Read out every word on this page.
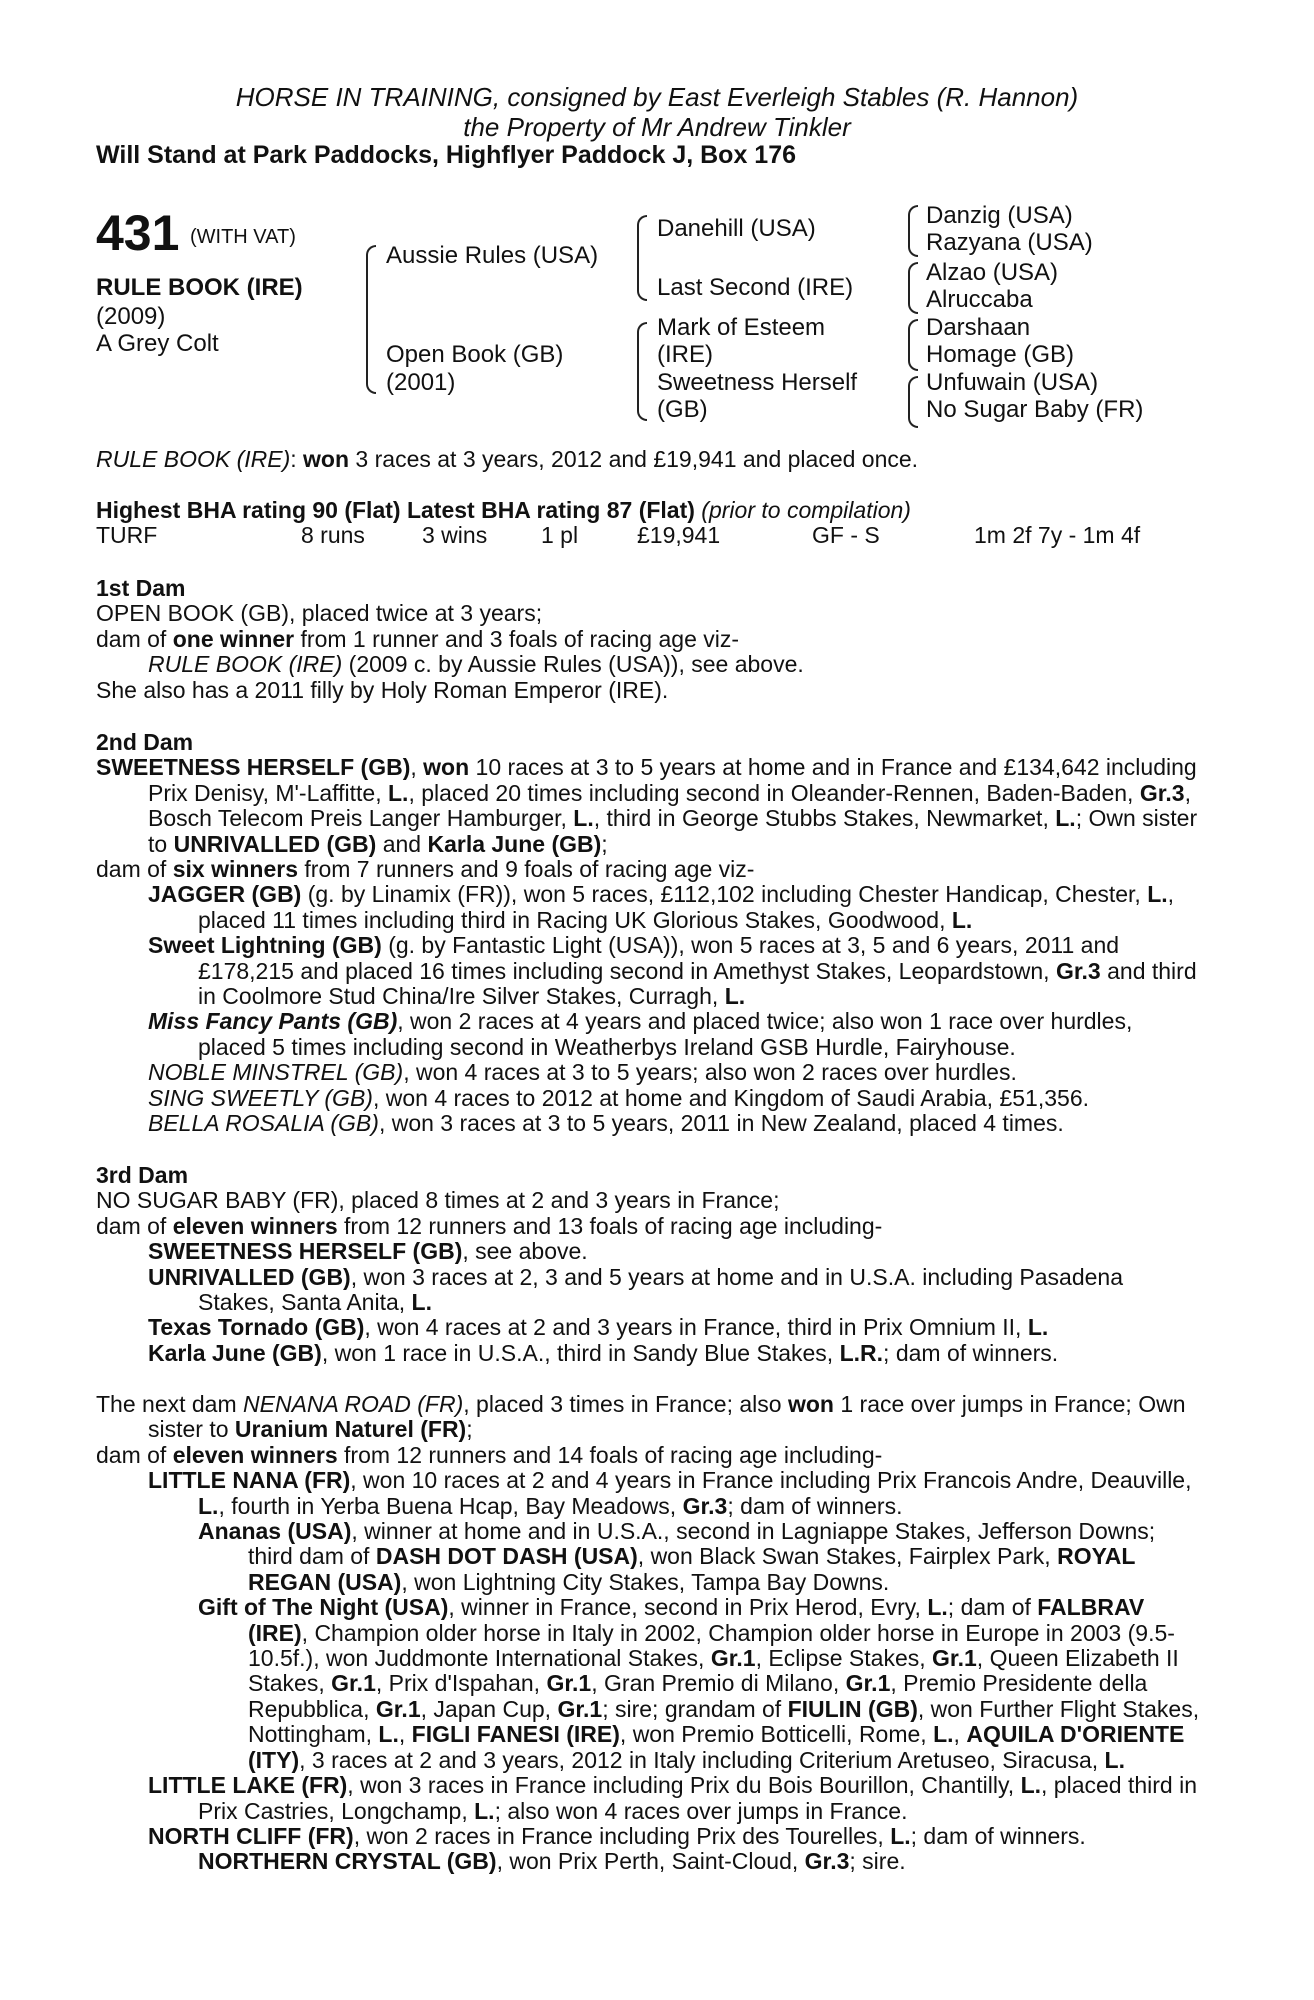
HORSE IN TRAINING, consigned by East Everleigh Stables (R. Hannon)
the Property of Mr Andrew Tinkler
Will Stand at Park Paddocks, Highflyer Paddock J, Box 176
431 (WITH VAT)
RULE BOOK (IRE)
(2009)
A Grey Colt
Aussie Rules (USA)
Open Book (GB)
(2001)
Danehill (USA)
Last Second (IRE)
Mark of Esteem
(IRE)
Sweetness Herself
(GB)
Danzig (USA)
Razyana (USA)
Alzao (USA)
Alruccaba
Darshaan
Homage (GB)
Unfuwain (USA)
No Sugar Baby (FR)
RULE BOOK (IRE): won 3 races at 3 years, 2012 and £19,941 and placed once.
Highest BHA rating 90 (Flat) Latest BHA rating 87 (Flat) (prior to compilation)
TURF	8 runs 3 wins 1 pl	£19,941	GF - S	1m 2f 7y - 1m 4f
1st Dam
OPEN BOOK (GB), placed twice at 3 years;
dam of one winner from 1 runner and 3 foals of racing age viz-
RULE BOOK (IRE) (2009 c. by Aussie Rules (USA)), see above.
She also has a 2011 filly by Holy Roman Emperor (IRE).
2nd Dam
SWEETNESS HERSELF (GB), won 10 races at 3 to 5 years at home and in France and £134,642 including Prix Denisy, M'-Laffitte, L., placed 20 times including second in Oleander-Rennen, Baden-Baden, Gr.3, Bosch Telecom Preis Langer Hamburger, L., third in George Stubbs Stakes, Newmarket, L.; Own sister to UNRIVALLED (GB) and Karla June (GB);
dam of six winners from 7 runners and 9 foals of racing age viz-
JAGGER (GB) (g. by Linamix (FR)), won 5 races, £112,102 including Chester Handicap, Chester, L., placed 11 times including third in Racing UK Glorious Stakes, Goodwood, L.
Sweet Lightning (GB) (g. by Fantastic Light (USA)), won 5 races at 3, 5 and 6 years, 2011 and £178,215 and placed 16 times including second in Amethyst Stakes, Leopardstown, Gr.3 and third in Coolmore Stud China/Ire Silver Stakes, Curragh, L.
Miss Fancy Pants (GB), won 2 races at 4 years and placed twice; also won 1 race over hurdles, placed 5 times including second in Weatherbys Ireland GSB Hurdle, Fairyhouse.
NOBLE MINSTREL (GB), won 4 races at 3 to 5 years; also won 2 races over hurdles.
SING SWEETLY (GB), won 4 races to 2012 at home and Kingdom of Saudi Arabia, £51,356.
BELLA ROSALIA (GB), won 3 races at 3 to 5 years, 2011 in New Zealand, placed 4 times.
3rd Dam
NO SUGAR BABY (FR), placed 8 times at 2 and 3 years in France;
dam of eleven winners from 12 runners and 13 foals of racing age including-
SWEETNESS HERSELF (GB), see above.
UNRIVALLED (GB), won 3 races at 2, 3 and 5 years at home and in U.S.A. including Pasadena Stakes, Santa Anita, L.
Texas Tornado (GB), won 4 races at 2 and 3 years in France, third in Prix Omnium II, L.
Karla June (GB), won 1 race in U.S.A., third in Sandy Blue Stakes, L.R.; dam of winners.
The next dam NENANA ROAD (FR), placed 3 times in France; also won 1 race over jumps in France; Own sister to Uranium Naturel (FR);
dam of eleven winners from 12 runners and 14 foals of racing age including-
LITTLE NANA (FR), won 10 races at 2 and 4 years in France including Prix Francois Andre, Deauville, L., fourth in Yerba Buena Hcap, Bay Meadows, Gr.3; dam of winners.
Ananas (USA), winner at home and in U.S.A., second in Lagniappe Stakes, Jefferson Downs; third dam of DASH DOT DASH (USA), won Black Swan Stakes, Fairplex Park, ROYAL REGAN (USA), won Lightning City Stakes, Tampa Bay Downs.
Gift of The Night (USA), winner in France, second in Prix Herod, Evry, L.; dam of FALBRAV (IRE), Champion older horse in Italy in 2002, Champion older horse in Europe in 2003 (9.5-10.5f.), won Juddmonte International Stakes, Gr.1, Eclipse Stakes, Gr.1, Queen Elizabeth II Stakes, Gr.1, Prix d'Ispahan, Gr.1, Gran Premio di Milano, Gr.1, Premio Presidente della Repubblica, Gr.1, Japan Cup, Gr.1; sire; grandam of FIULIN (GB), won Further Flight Stakes, Nottingham, L., FIGLI FANESI (IRE), won Premio Botticelli, Rome, L., AQUILA D'ORIENTE (ITY), 3 races at 2 and 3 years, 2012 in Italy including Criterium Aretuseo, Siracusa, L.
LITTLE LAKE (FR), won 3 races in France including Prix du Bois Bourillon, Chantilly, L., placed third in Prix Castries, Longchamp, L.; also won 4 races over jumps in France.
NORTH CLIFF (FR), won 2 races in France including Prix des Tourelles, L.; dam of winners.
NORTHERN CRYSTAL (GB), won Prix Perth, Saint-Cloud, Gr.3; sire.
